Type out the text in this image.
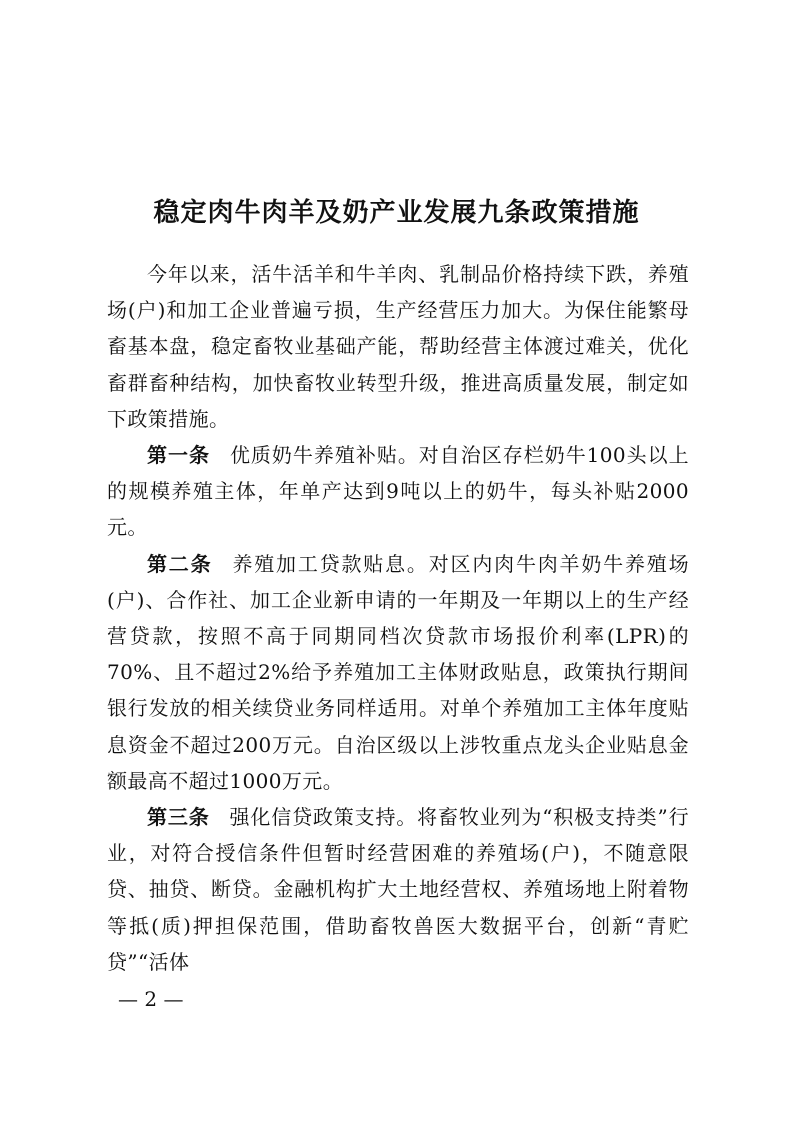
稳定肉牛肉羊及奶产业发展九条政策措施

今年以来，活牛活羊和牛羊肉、乳制品价格持续下跌，养殖场(户)和加工企业普遍亏损，生产经营压力加大。为保住能繁母畜基本盘，稳定畜牧业基础产能，帮助经营主体渡过难关，优化畜群畜种结构，加快畜牧业转型升级，推进高质量发展，制定如下政策措施。

第一条 优质奶牛养殖补贴。对自治区存栏奶牛100头以上的规模养殖主体，年单产达到9吨以上的奶牛，每头补贴2000元。

第二条 养殖加工贷款贴息。对区内肉牛肉羊奶牛养殖场(户)、合作社、加工企业新申请的一年期及一年期以上的生产经营贷款，按照不高于同期同档次贷款市场报价利率(LPR)的70%、且不超过2%给予养殖加工主体财政贴息，政策执行期间银行发放的相关续贷业务同样适用。对单个养殖加工主体年度贴息资金不超过200万元。自治区级以上涉牧重点龙头企业贴息金额最高不超过1000万元。

第三条 强化信贷政策支持。将畜牧业列为“积极支持类”行业，对符合授信条件但暂时经营困难的养殖场(户)，不随意限贷、抽贷、断贷。金融机构扩大土地经营权、养殖场地上附着物等抵(质)押担保范围，借助畜牧兽医大数据平台，创新“青贮贷”“活体

— 2 —
